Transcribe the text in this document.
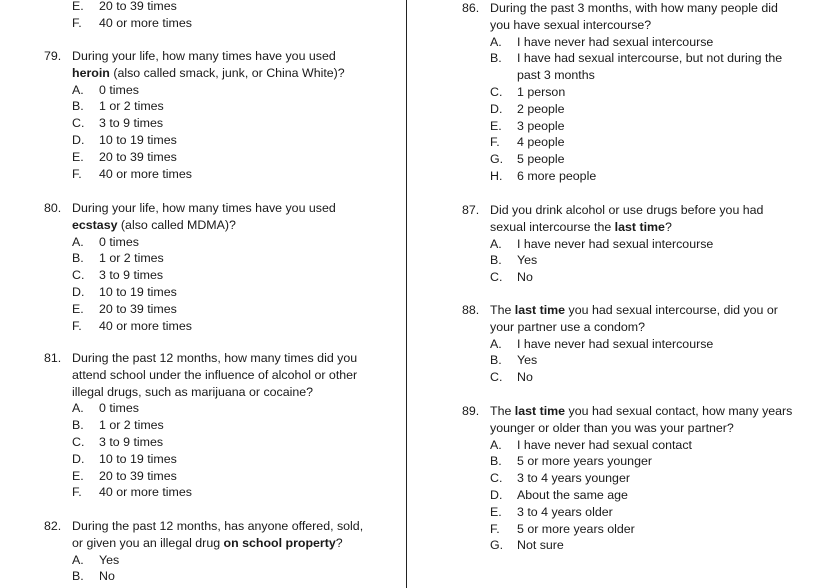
E. 20 to 39 times
F. 40 or more times
79. During your life, how many times have you used
heroin (also called smack, junk, or China White)?
A. 0 times
B. 1 or 2 times
C. 3 to 9 times
D. 10 to 19 times
E. 20 to 39 times
F. 40 or more times
80. During your life, how many times have you used
ecstasy (also called MDMA)?
A. 0 times
B. 1 or 2 times
C. 3 to 9 times
D. 10 to 19 times
E. 20 to 39 times
F. 40 or more times
81. During the past 12 months, how many times did you
attend school under the influence of alcohol or other
illegal drugs, such as marijuana or cocaine?
A. 0 times
B. 1 or 2 times
C. 3 to 9 times
D. 10 to 19 times
E. 20 to 39 times
F. 40 or more times
82. During the past 12 months, has anyone offered, sold,
or given you an illegal drug on school property?
A. Yes
B. No
86. During the past 3 months, with how many people did
you have sexual intercourse?
A. I have never had sexual intercourse
B. I have had sexual intercourse, but not during the
past 3 months
C. 1 person
D. 2 people
E. 3 people
F. 4 people
G. 5 people
H. 6 more people
87. Did you drink alcohol or use drugs before you had
sexual intercourse the last time?
A. I have never had sexual intercourse
B. Yes
C. No
88. The last time you had sexual intercourse, did you or
your partner use a condom?
A. I have never had sexual intercourse
B. Yes
C. No
89. The last time you had sexual contact, how many years
younger or older than you was your partner?
A. I have never had sexual contact
B. 5 or more years younger
C. 3 to 4 years younger
D. About the same age
E. 3 to 4 years older
F. 5 or more years older
G. Not sure
